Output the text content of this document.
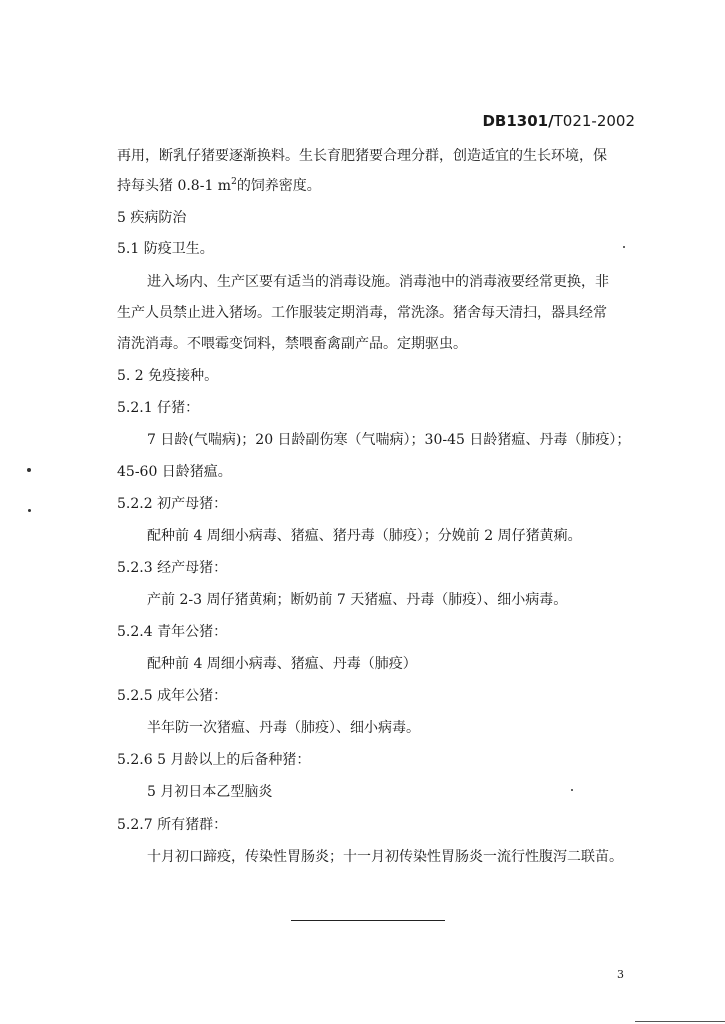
DB1301/T021-2002
再用，断乳仔猪要逐渐换料。生长育肥猪要合理分群，创造适宜的生长环境，保
持每头猪 0.8-1 $m^2$的饲养密度。
5 疾病防治
5.1 防疫卫生。
进入场内、生产区要有适当的消毒设施。消毒池中的消毒液要经常更换，非
生产人员禁止进入猪场。工作服装定期消毒，常洗涤。猪舍每天清扫，器具经常
清洗消毒。不喂霉变饲料，禁喂畜禽副产品。定期驱虫。
5. 2 免疫接种。
5.2.1 仔猪：
7 日龄(气喘病)；20 日龄副伤寒（气喘病）；30-45 日龄猪瘟、丹毒（肺疫）；
45-60 日龄猪瘟。
5.2.2 初产母猪：
配种前 4 周细小病毒、猪瘟、猪丹毒（肺疫）；分娩前 2 周仔猪黄痢。
5.2.3 经产母猪：
产前 2-3 周仔猪黄痢；断奶前 7 天猪瘟、丹毒（肺疫）、细小病毒。
5.2.4 青年公猪：
配种前 4 周细小病毒、猪瘟、丹毒（肺疫）
5.2.5 成年公猪：
半年防一次猪瘟、丹毒（肺疫）、细小病毒。
5.2.6 5 月龄以上的后备种猪：
5 月初日本乙型脑炎
5.2.7 所有猪群：
十月初口蹄疫，传染性胃肠炎；十一月初传染性胃肠炎一流行性腹泻二联苗。
3
